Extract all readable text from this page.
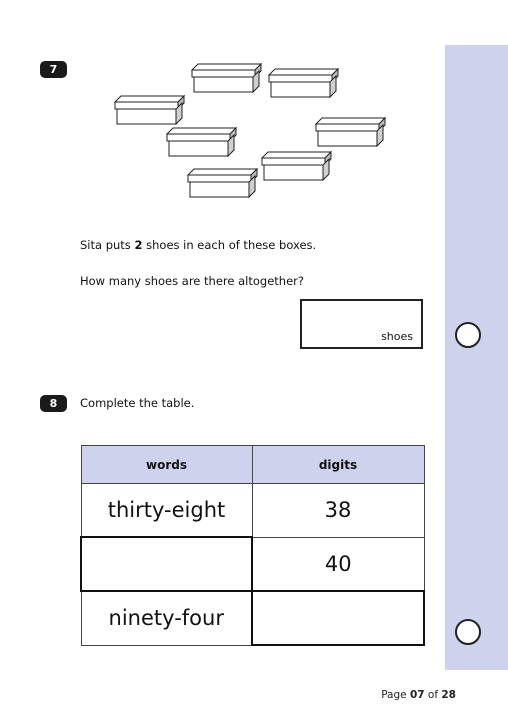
7
Sita puts 2 shoes in each of these boxes.
How many shoes are there altogether?
shoes
8	Complete the table.
words	digits
thirty-eight	38
	40
ninety-four	
Page 07 of 28
